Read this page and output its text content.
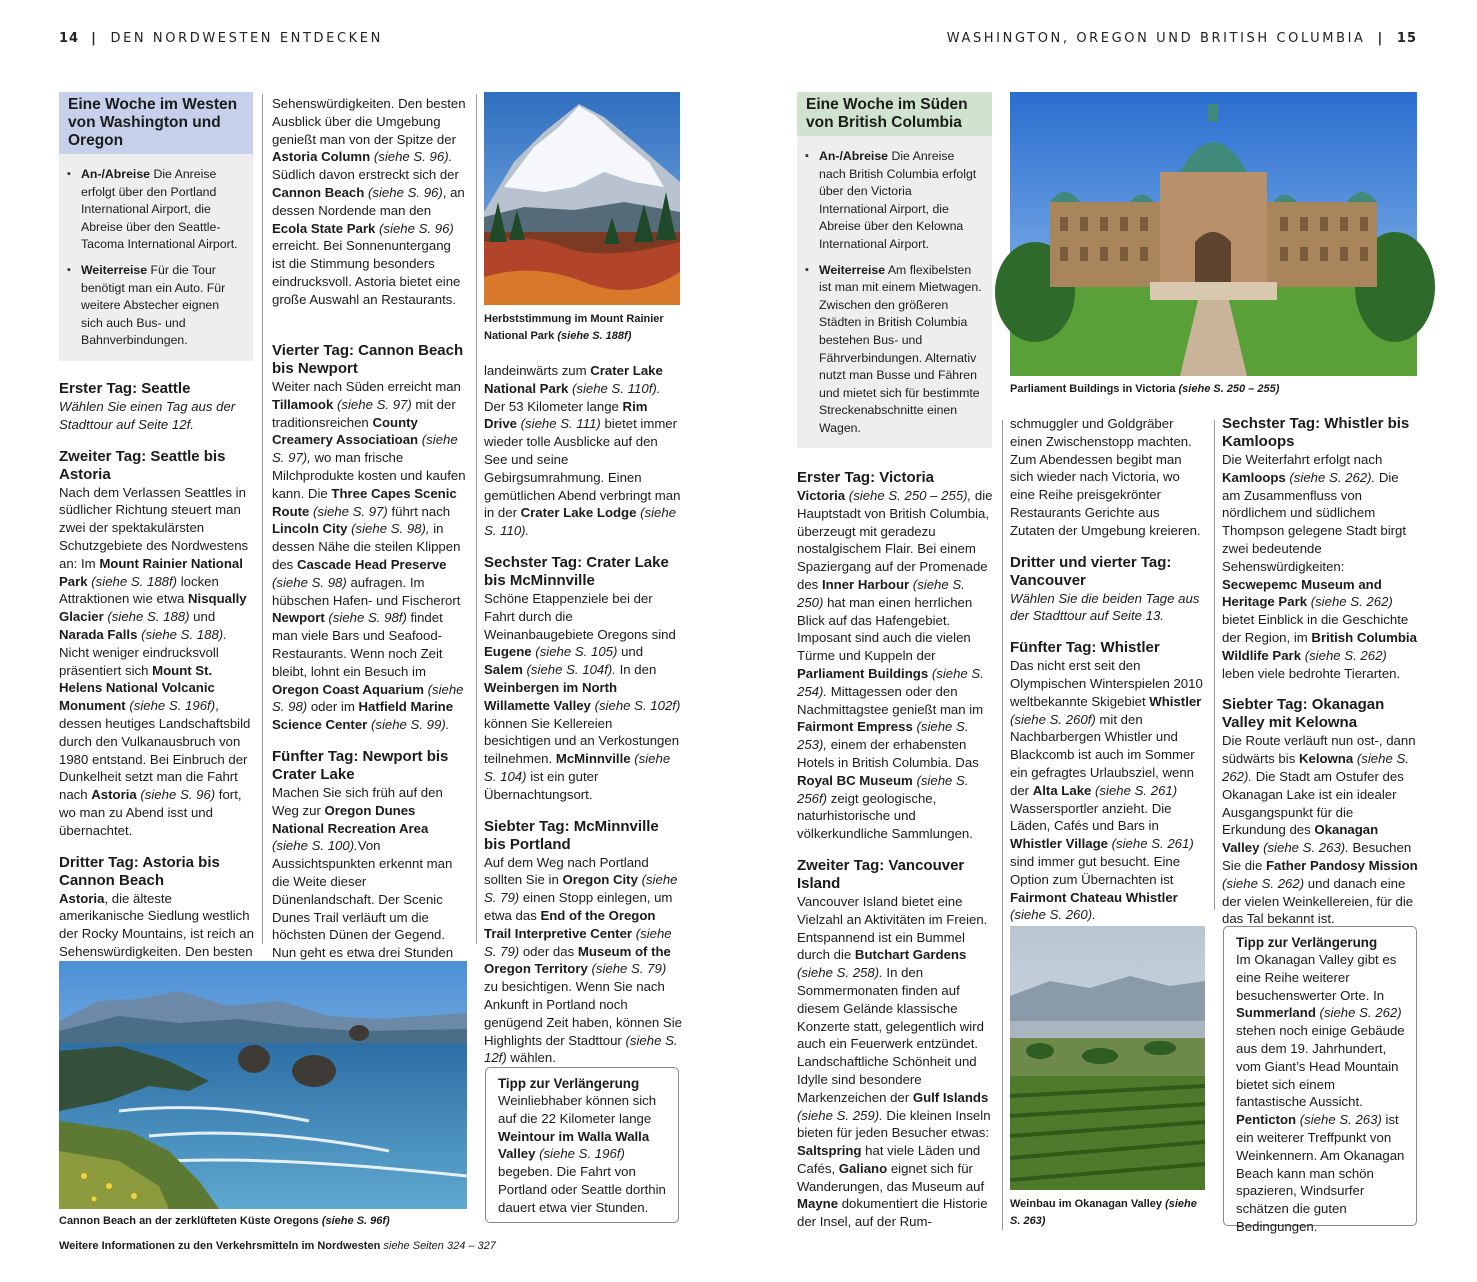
14 | DEN NORDWESTEN ENTDECKEN	WASHINGTON, OREGON UND BRITISH COLUMBIA | 15
Eine Woche im Westen von Washington und Oregon
▪ An-/Abreise Die Anreise erfolgt über den Portland International Airport, die Abreise über den Seattle-Tacoma International Airport.
▪ Weiterreise Für die Tour benötigt man ein Auto. Für weitere Abstecher eignen sich auch Bus- und Bahnverbindungen.
Erster Tag: Seattle

Wählen Sie einen Tag aus der Stadttour auf Seite 12f.

Zweiter Tag: Seattle bis Astoria

Nach dem Verlassen Seattles in südlicher Richtung steuert man zwei der spektakulärsten Schutzgebiete des Nordwestens an: Im Mount Rainier National Park (siehe S. 188f) locken Attraktionen wie etwa Nisqually Glacier (siehe S. 188) und Narada Falls (siehe S. 188). Nicht weniger eindrucksvoll präsentiert sich Mount St. Helens National Volcanic Monument (siehe S. 196f), dessen heutiges Landschaftsbild durch den Vulkanausbruch von 1980 entstand. Bei Einbruch der Dunkelheit setzt man die Fahrt nach Astoria (siehe S. 96) fort, wo man zu Abend isst und übernachtet.

Dritter Tag: Astoria bis Cannon Beach

Astoria, die älteste amerikanische Siedlung westlich der Rocky Mountains, ist reich an Sehenswürdigkeiten. Den besten

Sehenswürdigkeiten. Den besten Ausblick über die Umgebung genießt man von der Spitze der Astoria Column (siehe S. 96). Südlich davon erstreckt sich der Cannon Beach (siehe S. 96), an dessen Nordende man den Ecola State Park (siehe S. 96) erreicht. Bei Sonnenuntergang ist die Stimmung besonders eindrucksvoll. Astoria bietet eine große Auswahl an Restaurants.

Vierter Tag: Cannon Beach bis Newport

Weiter nach Süden erreicht man Tillamook (siehe S. 97) mit der traditionsreichen County Creamery Associatioan (siehe S. 97), wo man frische Milchprodukte kosten und kaufen kann. Die Three Capes Scenic Route (siehe S. 97) führt nach Lincoln City (siehe S. 98), in dessen Nähe die steilen Klippen des Cascade Head Preserve (siehe S. 98) aufragen. Im hübschen Hafen- und Fischerort Newport (siehe S. 98f) findet man viele Bars und Seafood-Restaurants. Wenn noch Zeit bleibt, lohnt ein Besuch im Oregon Coast Aquarium (siehe S. 98) oder im Hatfield Marine Science Center (siehe S. 99).

Fünfter Tag: Newport bis Crater Lake

Machen Sie sich früh auf den Weg zur Oregon Dunes National Recreation Area (siehe S. 100).Von Aussichtspunkten erkennt man die Weite dieser Dünenlandschaft. Der Scenic Dunes Trail verläuft um die höchsten Dünen der Gegend. Nun geht es etwa drei Stunden

Herbststimmung im Mount Rainier National Park (siehe S. 188f)

landeinwärts zum Crater Lake National Park (siehe S. 110f). Der 53 Kilometer lange Rim Drive (siehe S. 111) bietet immer wieder tolle Ausblicke auf den See und seine Gebirgsumrahmung. Einen gemütlichen Abend verbringt man in der Crater Lake Lodge (siehe S. 110).

Sechster Tag: Crater Lake bis McMinnville

Schöne Etappenziele bei der Fahrt durch die Weinanbaugebiete Oregons sind Eugene (siehe S. 105) und Salem (siehe S. 104f). In den Weinbergen im North Willamette Valley (siehe S. 102f) können Sie Kellereien besichtigen und an Verkostungen teilnehmen. McMinnville (siehe S. 104) ist ein guter Übernachtungsort.

Siebter Tag: McMinnville bis Portland

Auf dem Weg nach Portland sollten Sie in Oregon City (siehe S. 79) einen Stopp einlegen, um etwa das End of the Oregon Trail Interpretive Center (siehe S. 79) oder das Museum of the Oregon Territory (siehe S. 79) zu besichtigen. Wenn Sie nach Ankunft in Portland noch genügend Zeit haben, können Sie Highlights der Stadttour (siehe S. 12f) wählen.

Tipp zur Verlängerung

Weinliebhaber können sich auf die 22 Kilometer lange Weintour im Walla Walla Valley (siehe S. 196f) begeben. Die Fahrt von Portland oder Seattle dorthin dauert etwa vier Stunden.

Cannon Beach an der zerklüfteten Küste Oregons (siehe S. 96f)
Weitere Informationen zu den Verkehrsmitteln im Nordwesten siehe Seiten 324 – 327
Eine Woche im Süden von British Columbia
▪ An-/Abreise Die Anreise nach British Columbia erfolgt über den Victoria International Airport, die Abreise über den Kelowna International Airport.
▪ Weiterreise Am flexibelsten ist man mit einem Mietwagen. Zwischen den größeren Städten in British Columbia bestehen Bus- und Fährverbindungen. Alternativ nutzt man Busse und Fähren und mietet sich für bestimmte Streckenabschnitte einen Wagen.
Parliament Buildings in Victoria (siehe S. 250 – 255)
Erster Tag: Victoria

Victoria (siehe S. 250 – 255), die Hauptstadt von British Columbia, überzeugt mit geradezu nostalgischem Flair. Bei einem Spaziergang auf der Promenade des Inner Harbour (siehe S. 250) hat man einen herrlichen Blick auf das Hafengebiet. Imposant sind auch die vielen Türme und Kuppeln der Parliament Buildings (siehe S. 254). Mittagessen oder den Nachmittagstee genießt man im Fairmont Empress (siehe S. 253), einem der erhabensten Hotels in British Columbia. Das Royal BC Museum (siehe S. 256f) zeigt geologische, naturhistorische und völkerkundliche Sammlungen.

Zweiter Tag: Vancouver Island

Vancouver Island bietet eine Vielzahl an Aktivitäten im Freien. Entspannend ist ein Bummel durch die Butchart Gardens (siehe S. 258). In den Sommermonaten finden auf diesem Gelände klassische Konzerte statt, gelegentlich wird auch ein Feuerwerk entzündet. Landschaftliche Schönheit und Idylle sind besondere Markenzeichen der Gulf Islands (siehe S. 259). Die kleinen Inseln bieten für jeden Besucher etwas: Saltspring hat viele Läden und Cafés, Galiano eignet sich für Wanderungen, das Museum auf Mayne dokumentiert die Historie der Insel, auf der Rum-

schmuggler und Goldgräber einen Zwischenstopp machten. Zum Abendessen begibt man sich wieder nach Victoria, wo eine Reihe preisgekrönter Restaurants Gerichte aus Zutaten der Umgebung kreieren.

Dritter und vierter Tag: Vancouver

Wählen Sie die beiden Tage aus der Stadttour auf Seite 13.

Fünfter Tag: Whistler

Das nicht erst seit den Olympischen Winterspielen 2010 weltbekannte Skigebiet Whistler (siehe S. 260f) mit den Nachbarbergen Whistler und Blackcomb ist auch im Sommer ein gefragtes Urlaubsziel, wenn der Alta Lake (siehe S. 261) Wassersportler anzieht. Die Läden, Cafés und Bars in Whistler Village (siehe S. 261) sind immer gut besucht. Eine Option zum Übernachten ist Fairmont Chateau Whistler (siehe S. 260).

Weinbau im Okanagan Valley (siehe S. 263)
Sechster Tag: Whistler bis Kamloops

Die Weiterfahrt erfolgt nach Kamloops (siehe S. 262). Die am Zusammenfluss von nördlichem und südlichem Thompson gelegene Stadt birgt zwei bedeutende Sehenswürdigkeiten: Secwepemc Museum and Heritage Park (siehe S. 262) bietet Einblick in die Geschichte der Region, im British Columbia Wildlife Park (siehe S. 262) leben viele bedrohte Tierarten.

Siebter Tag: Okanagan Valley mit Kelowna

Die Route verläuft nun ost-, dann südwärts bis Kelowna (siehe S. 262). Die Stadt am Ostufer des Okanagan Lake ist ein idealer Ausgangspunkt für die Erkundung des Okanagan Valley (siehe S. 263). Besuchen Sie die Father Pandosy Mission (siehe S. 262) und danach eine der vielen Weinkellereien, für die das Tal bekannt ist.

Tipp zur Verlängerung

Im Okanagan Valley gibt es eine Reihe weiterer besuchenswerter Orte. In Summerland (siehe S. 262) stehen noch einige Gebäude aus dem 19. Jahrhundert, vom Giant’s Head Mountain bietet sich einem fantastische Aussicht. Penticton (siehe S. 263) ist ein weiterer Treffpunkt von Weinkennern. Am Okanagan Beach kann man schön spazieren, Windsurfer schätzen die guten Bedingungen.
